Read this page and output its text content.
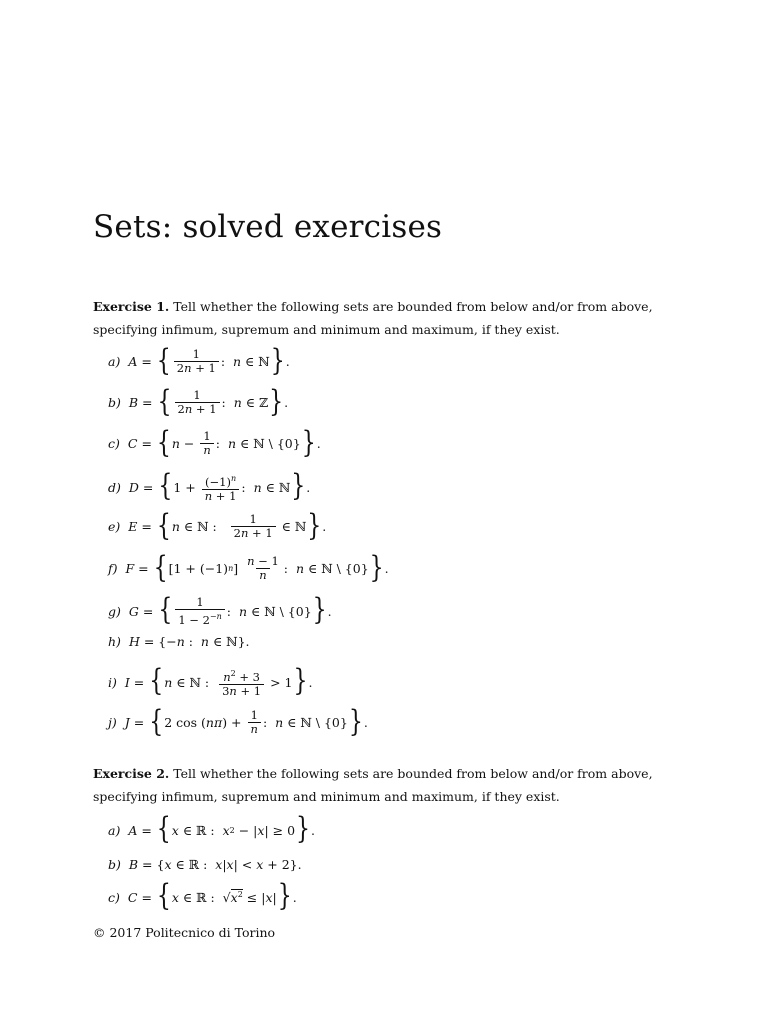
Sets: solved exercises

Exercise 1. Tell whether the following sets are bounded from below and/or from above, specifying infimum, supremum and minimum and maximum, if they exist.

a) A = { $\frac{1}{2n + 1}$ : n ∈ ℕ } .
b) B = { $\frac{1}{2n + 1}$ : n ∈ ℤ } .
c) C = { $n - \frac{1}{n}$ : n ∈ ℕ \ {0} } .
d) D = { $1 + \frac{(-1)^n}{n + 1}$ : n ∈ ℕ } .
e) E = { n ∈ ℕ : $\frac{1}{2n + 1}$ ∈ ℕ } .
f) F = { [1 + (−1) n ] $\frac{n - 1}{n}$ : n ∈ ℕ \ {0} } .
g) G = { $\frac{1}{1 - 2^{-n}}$ : n ∈ ℕ \ {0} } .
h) H = {− n : n ∈ ℕ}.
i) I = { n ∈ ℕ : $\frac{n^2 + 3}{3n + 1} > 1$ } .
j) J = { 2 cos ( nπ ) + $\frac{1}{n}$ : n ∈ ℕ \ {0} } .

Exercise 2. Tell whether the following sets are bounded from below and/or from above, specifying infimum, supremum and minimum and maximum, if they exist.

a) A = { x ∈ ℝ : x 2 − | x | ≥ 0 } .
b) B = { x ∈ ℝ : x | x | < x + 2}.
c) C = { x ∈ ℝ :  √ $x^2$ ≤ | x | } .
© 2017 Politecnico di Torino
